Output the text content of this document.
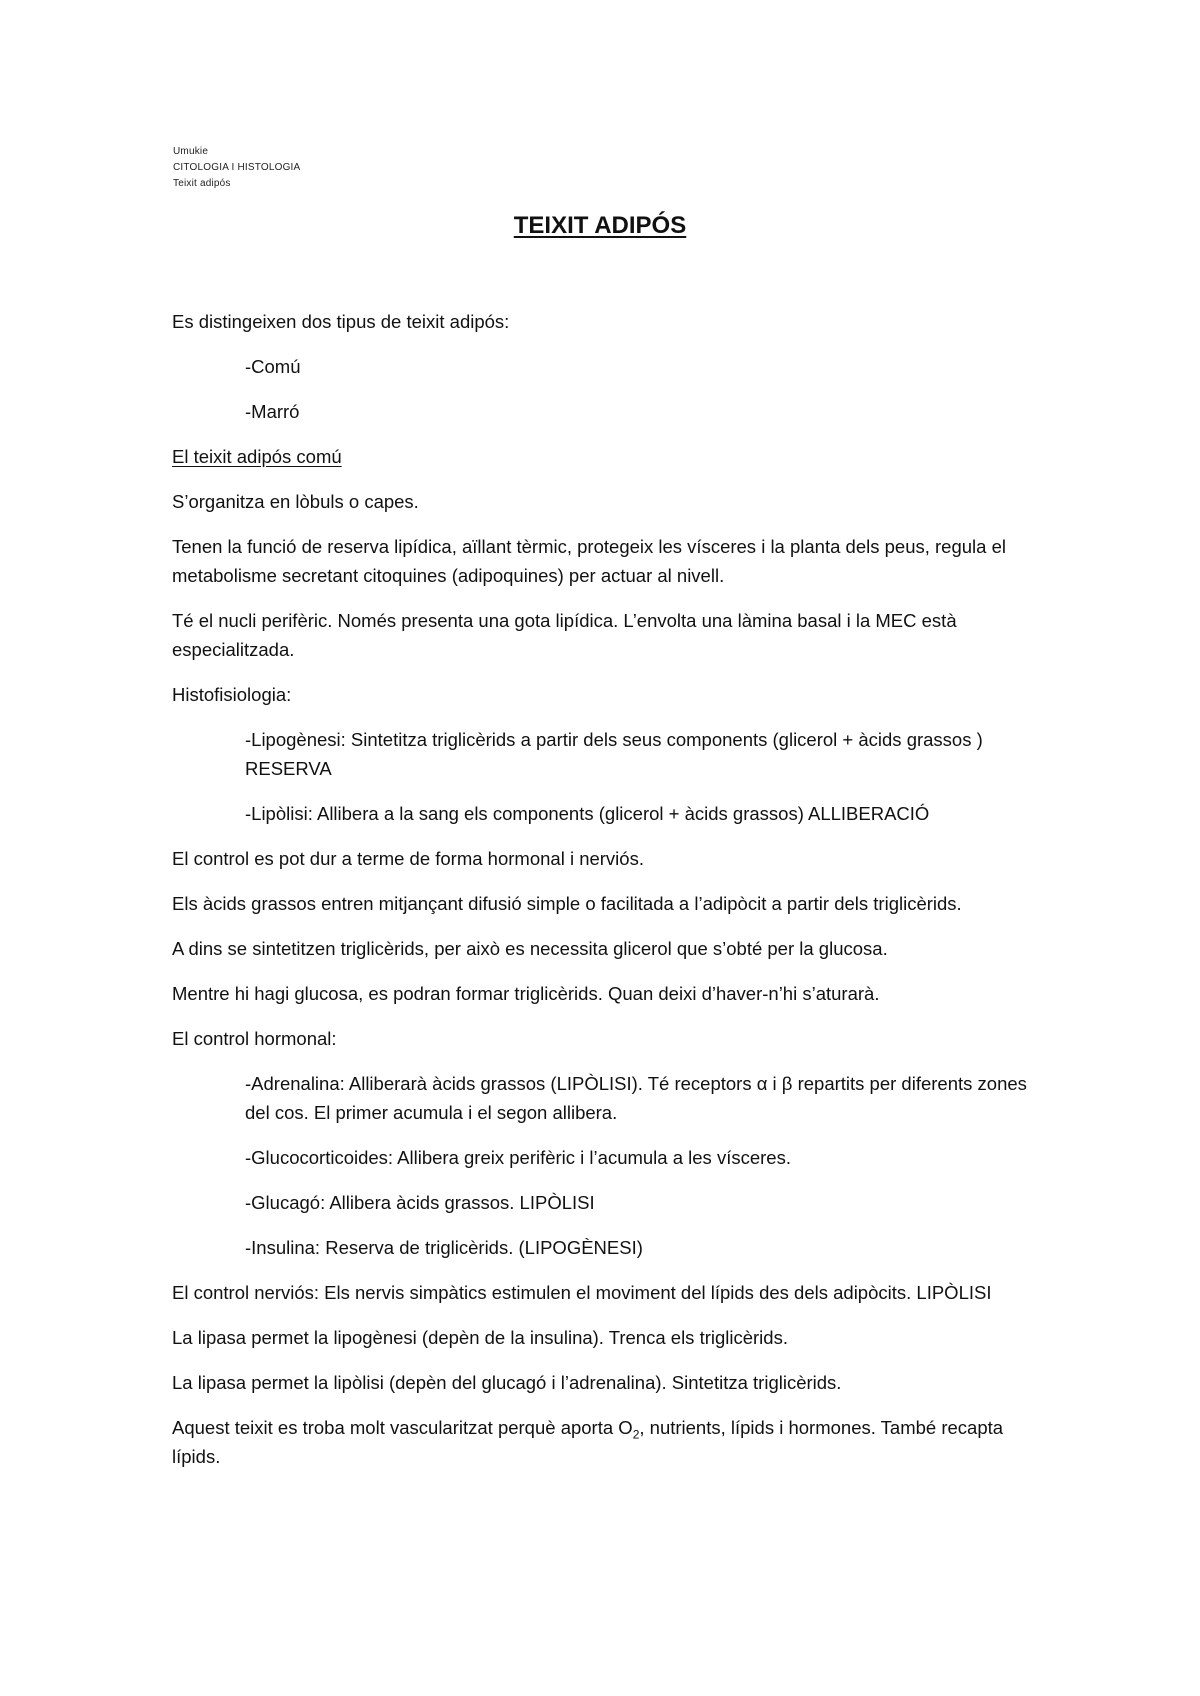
Umukie
CITOLOGIA I HISTOLOGIA
Teixit adipós
TEIXIT ADIPÓS

Es distingeixen dos tipus de teixit adipós:

-Comú

-Marró

El teixit adipós comú

S’organitza en lòbuls o capes.

Tenen la funció de reserva lipídica, aïllant tèrmic, protegeix les vísceres i la planta dels peus, regula el metabolisme secretant citoquines (adipoquines) per actuar al nivell.

Té el nucli perifèric. Només presenta una gota lipídica. L’envolta una làmina basal i la MEC està especialitzada.

Histofisiologia:

-Lipogènesi: Sintetitza triglicèrids a partir dels seus components (glicerol + àcids grassos ) RESERVA

-Lipòlisi: Allibera a la sang els components (glicerol + àcids grassos) ALLIBERACIÓ

El control es pot dur a terme de forma hormonal i nerviós.

Els àcids grassos entren mitjançant difusió simple o facilitada a l’adipòcit a partir dels triglicèrids.

A dins se sintetitzen triglicèrids, per això es necessita glicerol que s’obté per la glucosa.

Mentre hi hagi glucosa, es podran formar triglicèrids. Quan deixi d’haver-n’hi s’aturarà.

El control hormonal:

-Adrenalina: Alliberarà àcids grassos (LIPÒLISI). Té receptors α i β repartits per diferents zones del cos. El primer acumula i el segon allibera.

-Glucocorticoides: Allibera greix perifèric i l’acumula a les vísceres.

-Glucagó: Allibera àcids grassos. LIPÒLISI

-Insulina: Reserva de triglicèrids. (LIPOGÈNESI)

El control nerviós: Els nervis simpàtics estimulen el moviment del lípids des dels adipòcits. LIPÒLISI

La lipasa permet la lipogènesi (depèn de la insulina). Trenca els triglicèrids.

La lipasa permet la lipòlisi (depèn del glucagó i l’adrenalina). Sintetitza triglicèrids.

Aquest teixit es troba molt vascularitzat perquè aporta $O_2$, nutrients, lípids i hormones. També recapta lípids.
